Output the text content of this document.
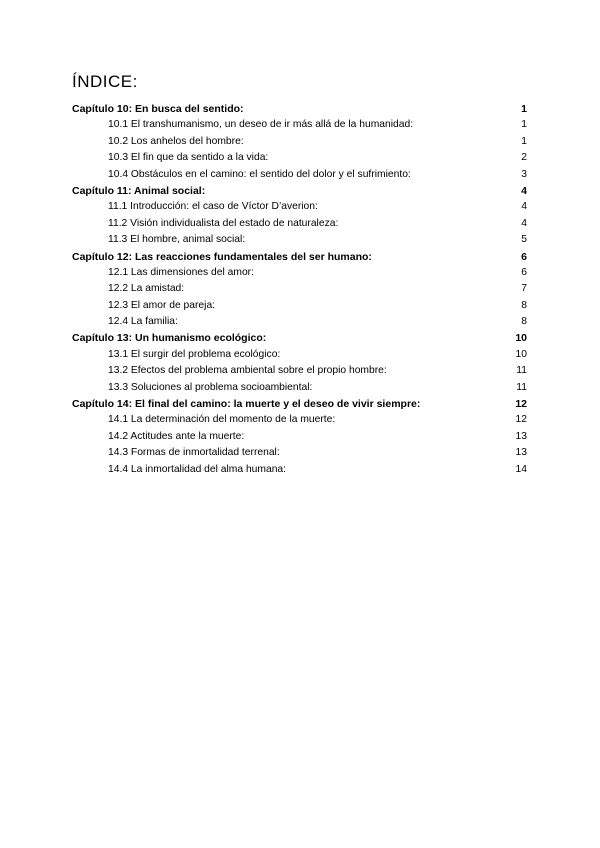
ÍNDICE:
Capítulo 10: En busca del sentido:	1
10.1 El transhumanismo, un deseo de ir más allá de la humanidad:	1
10.2 Los anhelos del hombre:	1
10.3 El fin que da sentido a la vida:	2
10.4 Obstáculos en el camino: el sentido del dolor y el sufrimiento:	3
Capítulo 11: Animal social:	4
11.1 Introducción: el caso de Víctor D’averion:	4
11.2 Visión individualista del estado de naturaleza:	4
11.3 El hombre, animal social:	5
Capítulo 12: Las reacciones fundamentales del ser humano:	6
12.1 Las dimensiones del amor:	6
12.2 La amistad:	7
12.3 El amor de pareja:	8
12.4 La familia:	8
Capítulo 13: Un humanismo ecológico:	10
13.1 El surgir del problema ecológico:	10
13.2 Efectos del problema ambiental sobre el propio hombre:	11
13.3 Soluciones al problema socioambiental:	11
Capítulo 14: El final del camino: la muerte y el deseo de vivir siempre:	12
14.1 La determinación del momento de la muerte:	12
14.2 Actitudes ante la muerte:	13
14.3 Formas de inmortalidad terrenal:	13
14.4 La inmortalidad del alma humana:	14
